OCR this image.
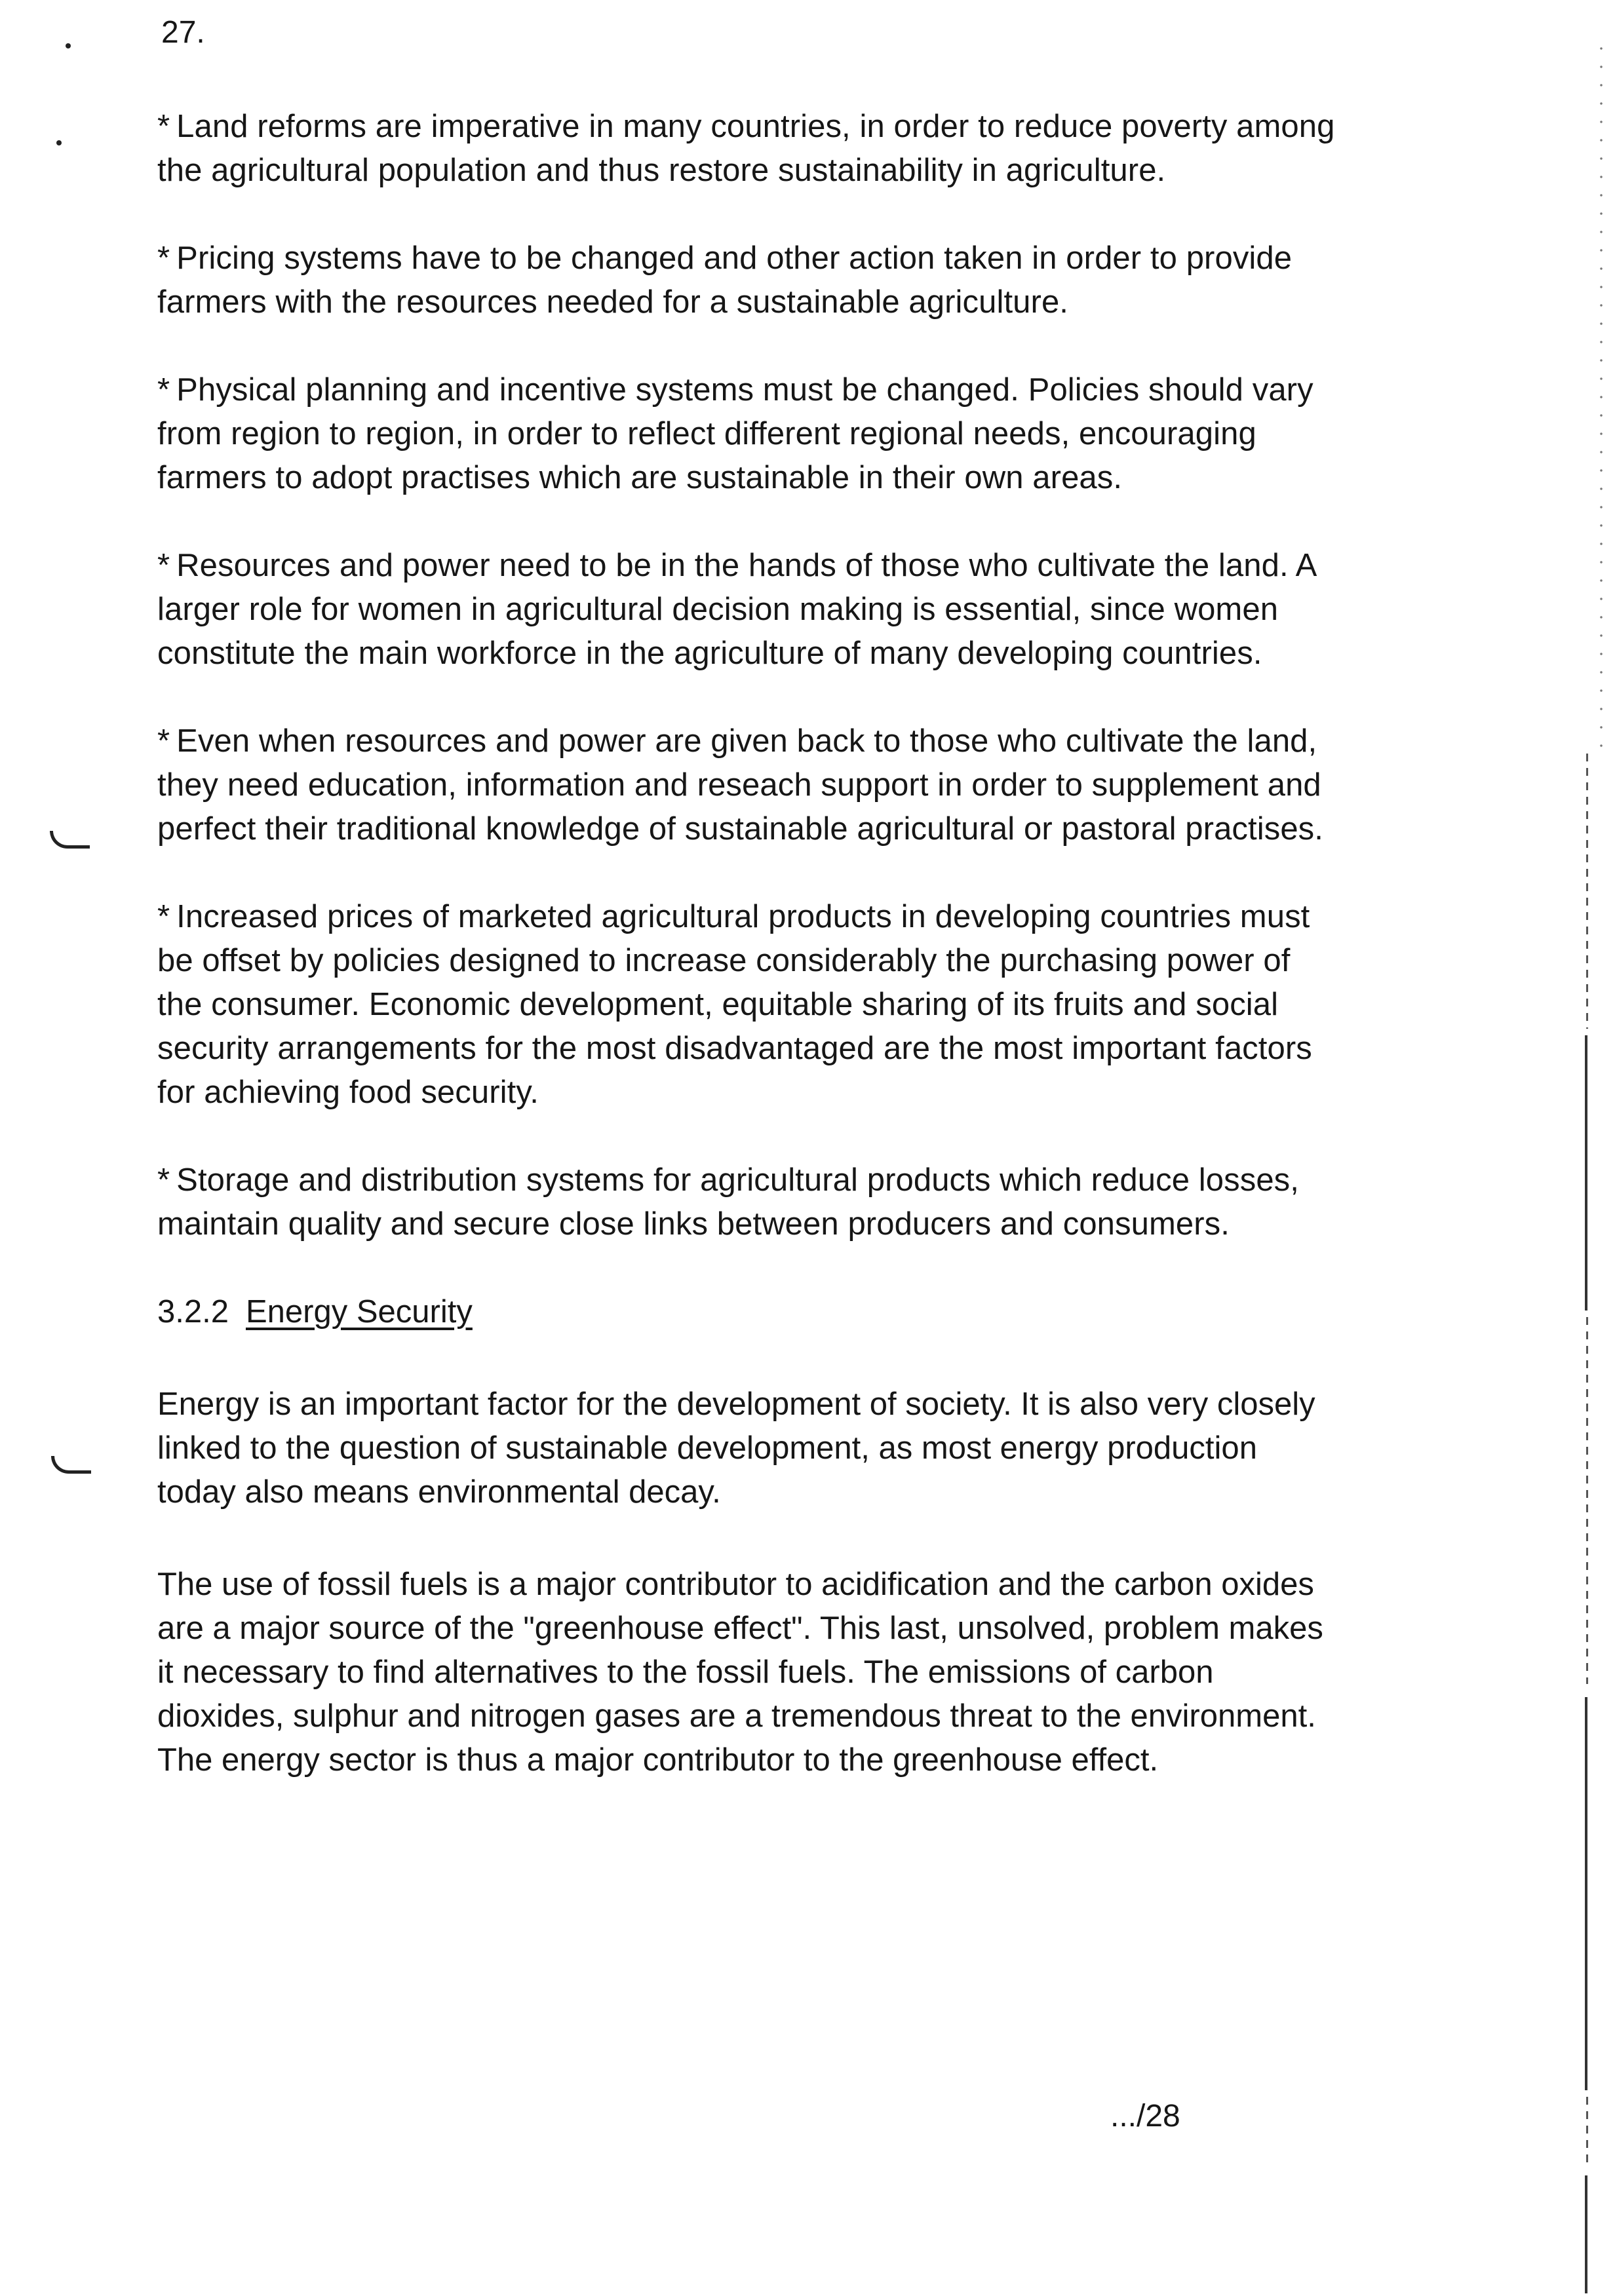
27.
* Land reforms are imperative in many countries, in order to reduce poverty among the agricultural population and thus restore sustainability in agriculture.
* Pricing systems have to be changed and other action taken in order to provide farmers with the resources needed for a sustainable agriculture.
* Physical planning and incentive systems must be changed. Policies should vary from region to region, in order to reflect different regional needs, encouraging farmers to adopt practises which are sustainable in their own areas.
* Resources and power need to be in the hands of those who cultivate the land. A larger role for women in agricultural decision making is essential, since women constitute the main workforce in the agriculture of many developing countries.
* Even when resources and power are given back to those who cultivate the land, they need education, information and reseach support in order to supplement and perfect their traditional knowledge of sustainable agricultural or pastoral practises.
* Increased prices of marketed agricultural products in developing countries must be offset by policies designed to increase considerably the purchasing power of the consumer. Economic development, equitable sharing of its fruits and social security arrangements for the most disadvantaged are the most important factors for achieving food security.
* Storage and distribution systems for agricultural products which reduce losses, maintain quality and secure close links between producers and consumers.
3.2.2 Energy Security
Energy is an important factor for the development of society. It is also very closely linked to the question of sustainable development, as most energy production today also means environmental decay.
The use of fossil fuels is a major contributor to acidification and the carbon oxides are a major source of the "greenhouse effect". This last, unsolved, problem makes it necessary to find alternatives to the fossil fuels. The emissions of carbon dioxides, sulphur and nitrogen gases are a tremendous threat to the environment. The energy sector is thus a major contributor to the greenhouse effect.
.../28
